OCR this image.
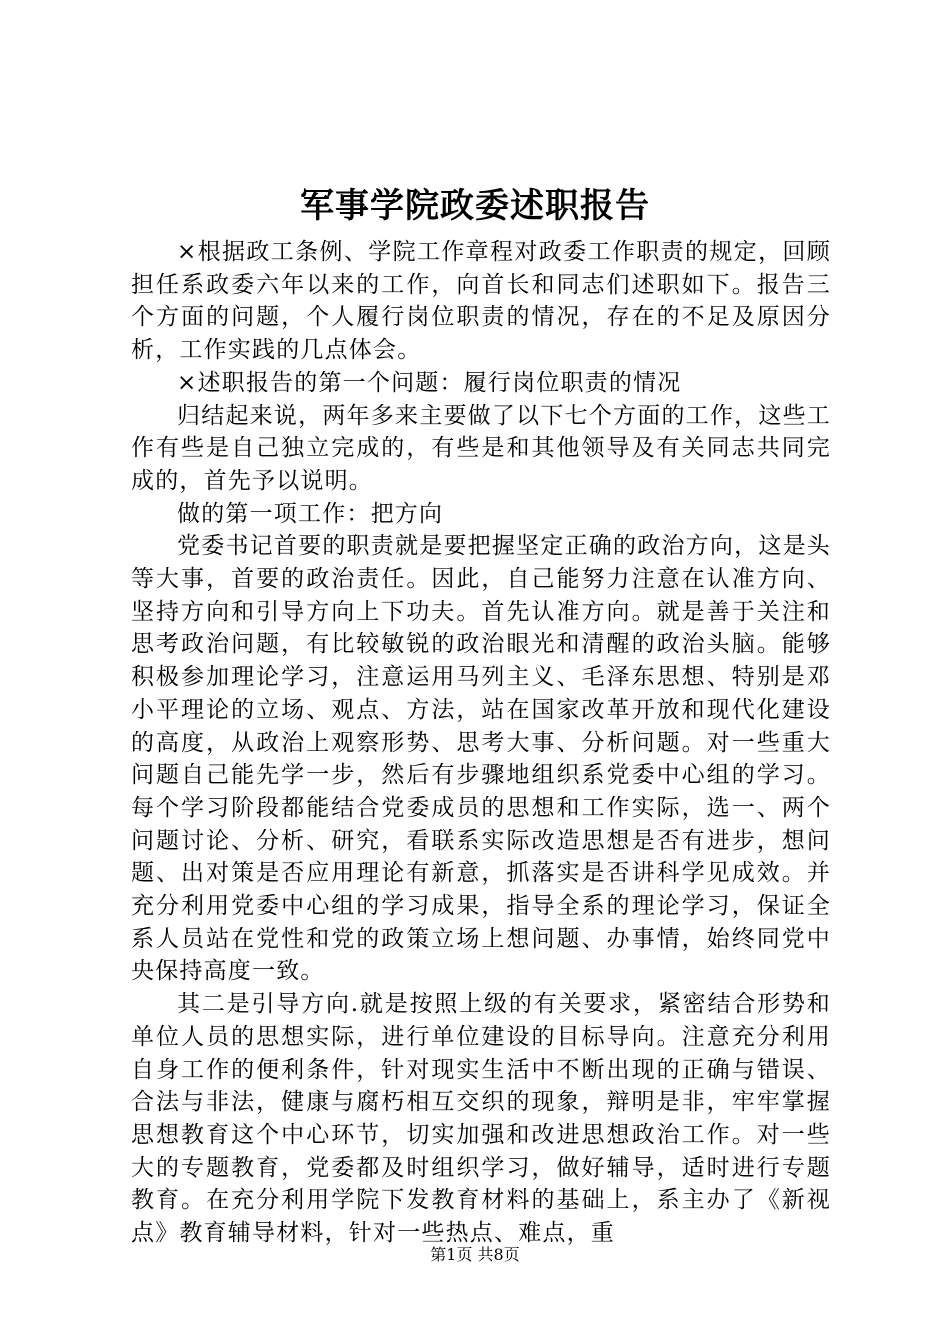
军事学院政委述职报告

×根据政工条例、学院工作章程对政委工作职责的规定，回顾担任系政委六年以来的工作，向首长和同志们述职如下。报告三个方面的问题，个人履行岗位职责的情况，存在的不足及原因分析，工作实践的几点体会。

×述职报告的第一个问题：履行岗位职责的情况

归结起来说，两年多来主要做了以下七个方面的工作，这些工作有些是自己独立完成的，有些是和其他领导及有关同志共同完成的，首先予以说明。

做的第一项工作：把方向

党委书记首要的职责就是要把握坚定正确的政治方向，这是头等大事，首要的政治责任。因此，自己能努力注意在认准方向、坚持方向和引导方向上下功夫。首先认准方向。就是善于关注和思考政治问题，有比较敏锐的政治眼光和清醒的政治头脑。能够积极参加理论学习，注意运用马列主义、毛泽东思想、特别是邓小平理论的立场、观点、方法，站在国家改革开放和现代化建设的高度，从政治上观察形势、思考大事、分析问题。对一些重大问题自己能先学一步，然后有步骤地组织系党委中心组的学习。每个学习阶段都能结合党委成员的思想和工作实际，选一、两个问题讨论、分析、研究，看联系实际改造思想是否有进步，想问题、出对策是否应用理论有新意，抓落实是否讲科学见成效。并充分利用党委中心组的学习成果，指导全系的理论学习，保证全系人员站在党性和党的政策立场上想问题、办事情，始终同党中央保持高度一致。

其二是引导方向.就是按照上级的有关要求，紧密结合形势和单位人员的思想实际，进行单位建设的目标导向。注意充分利用自身工作的便利条件，针对现实生活中不断出现的正确与错误、合法与非法，健康与腐朽相互交织的现象，辩明是非，牢牢掌握思想教育这个中心环节，切实加强和改进思想政治工作。对一些大的专题教育，党委都及时组织学习，做好辅导，适时进行专题教育。在充分利用学院下发教育材料的基础上，系主办了《新视点》教育辅导材料，针对一些热点、难点，重

第1页 共8页
